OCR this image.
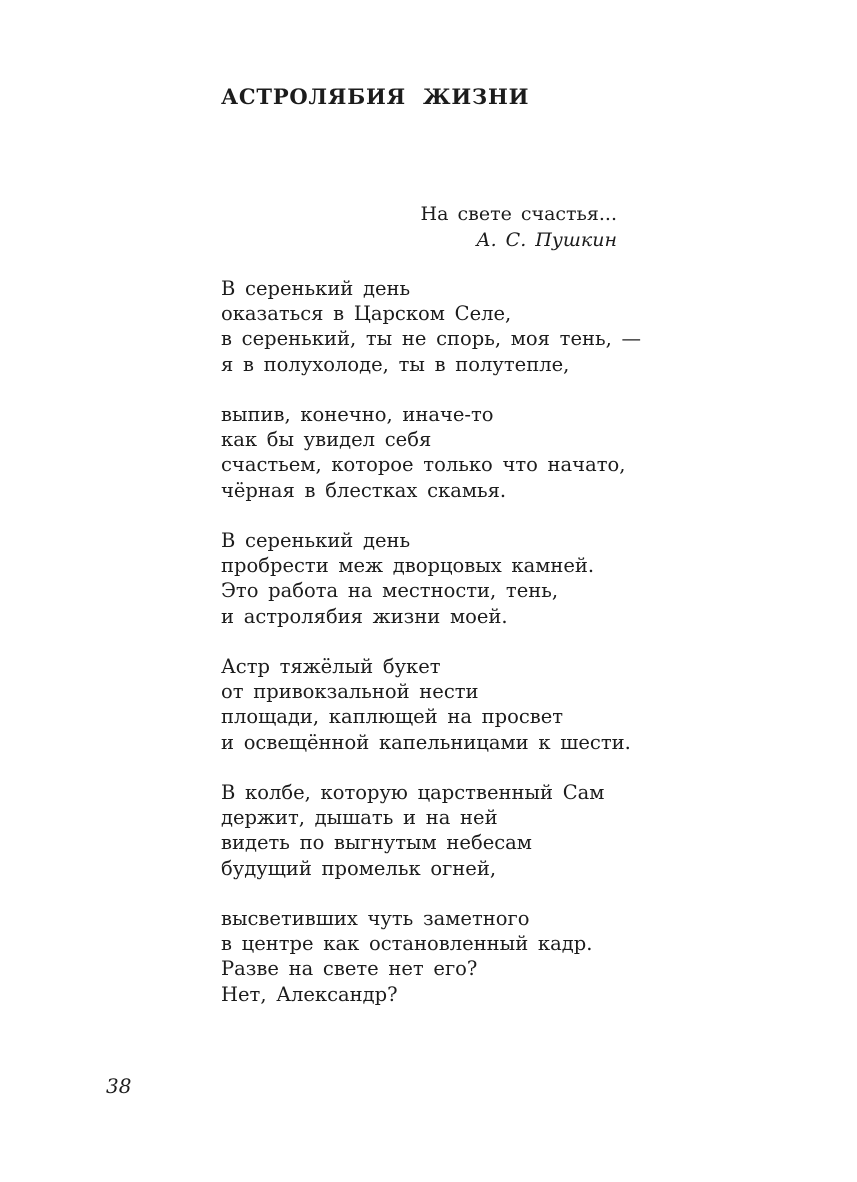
АСТРОЛЯБИЯ ЖИЗНИ
На свете счастья...
А. С. Пушкин
В серенький день
оказаться в Царском Селе,
в серенький, ты не спорь, моя тень, —
я в полухолоде, ты в полутепле,
выпив, конечно, иначе-то
как бы увидел себя
счастьем, которое только что начато,
чёрная в блестках скамья.
В серенький день
пробрести меж дворцовых камней.
Это работа на местности, тень,
и астролябия жизни моей.
Астр тяжёлый букет
от привокзальной нести
площади, каплющей на просвет
и освещённой капельницами к шести.
В колбе, которую царственный Сам
держит, дышать и на ней
видеть по выгнутым небесам
будущий промельк огней,
высветивших чуть заметного
в центре как остановленный кадр.
Разве на свете нет его?
Нет, Александр?
38
